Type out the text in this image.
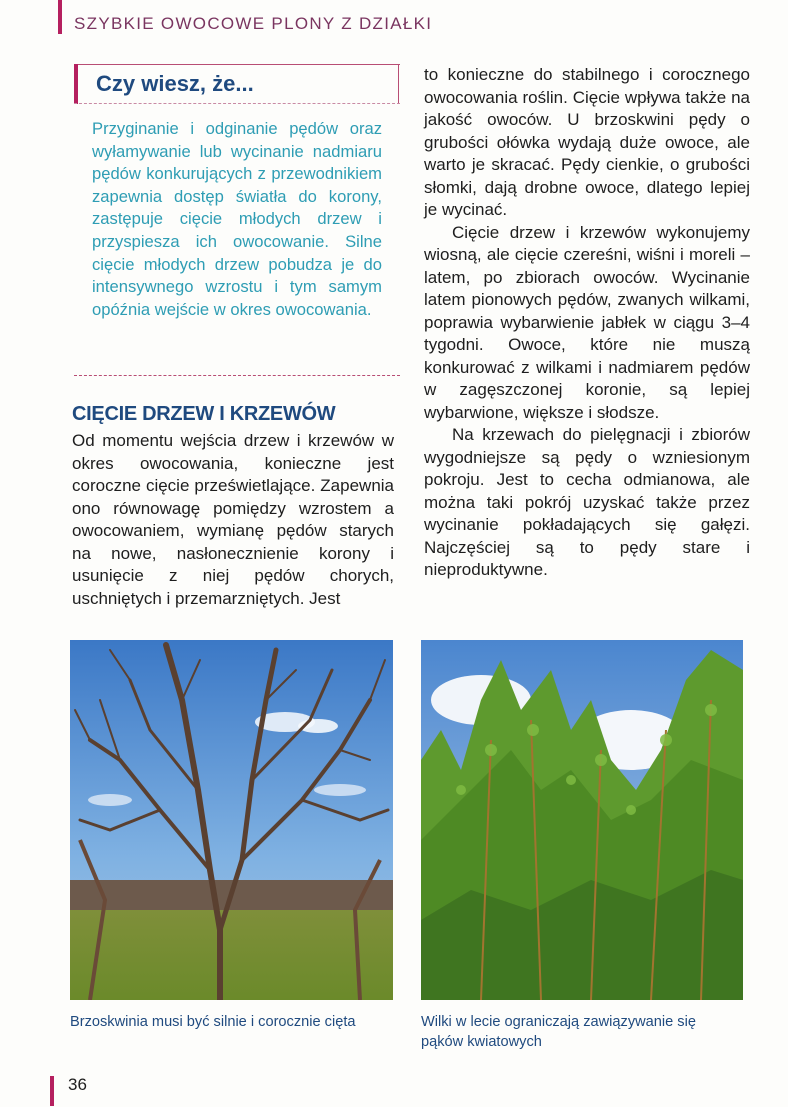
SZYBKIE OWOCOWE PLONY Z DZIAŁKI
Czy wiesz, że...

Przyginanie i odginanie pędów oraz wyłamywanie lub wycinanie nadmiaru pędów konkurujących z przewodnikiem zapewnia dostęp światła do korony, zastępuje cięcie młodych drzew i przyspiesza ich owocowanie. Silne cięcie młodych drzew pobudza je do intensywnego wzrostu i tym samym opóźnia wejście w okres owocowania.

CIĘCIE DRZEW I KRZEWÓW

Od momentu wejścia drzew i krzewów w okres owocowania, konieczne jest coroczne cięcie prześwietlające. Zapewnia ono równowagę pomiędzy wzrostem a owocowaniem, wymianę pędów starych na nowe, nasłonecznienie korony i usunięcie z niej pędów chorych, uschniętych i przemarzniętych. Jest

to konieczne do stabilnego i corocznego owocowania roślin. Cięcie wpływa także na jakość owoców. U brzoskwini pędy o grubości ołówka wydają duże owoce, ale warto je skracać. Pędy cienkie, o grubości słomki, dają drobne owoce, dlatego lepiej je wycinać.

Cięcie drzew i krzewów wykonujemy wiosną, ale cięcie czereśni, wiśni i moreli – latem, po zbiorach owoców. Wycinanie latem pionowych pędów, zwanych wilkami, poprawia wybarwienie jabłek w ciągu 3–4 tygodni. Owoce, które nie muszą konkurować z wilkami i nadmiarem pędów w zagęszczonej koronie, są lepiej wybarwione, większe i słodsze.

Na krzewach do pielęgnacji i zbiorów wygodniejsze są pędy o wzniesionym pokroju. Jest to cecha odmianowa, ale można taki pokrój uzyskać także przez wycinanie pokładających się gałęzi. Najczęściej są to pędy stare i nieproduktywne.

Brzoskwinia musi być silnie i corocznie cięta	Wilki w lecie ograniczają zawiązywanie się pąków kwiatowych
36
